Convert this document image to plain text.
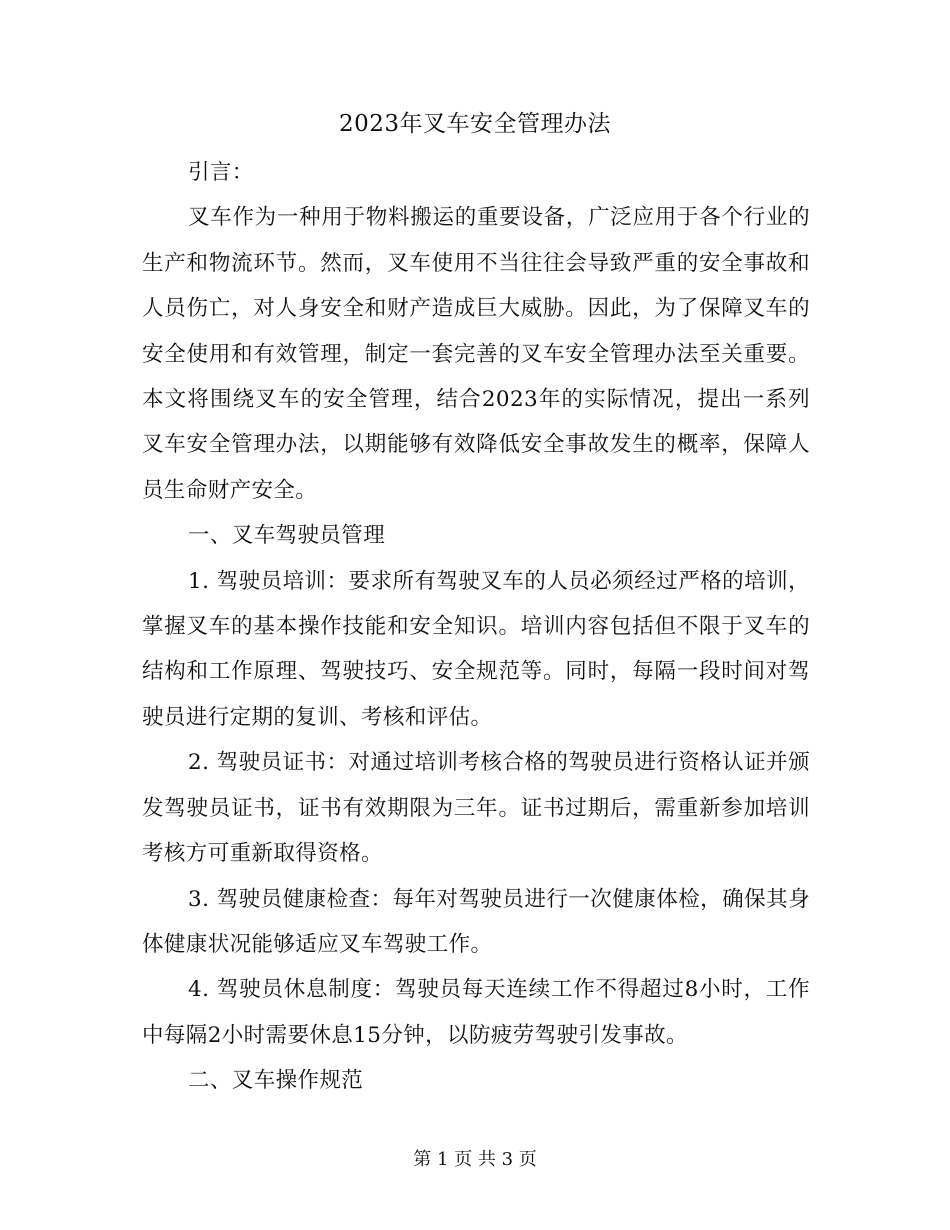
2023年叉车安全管理办法

引言：

叉车作为一种用于物料搬运的重要设备，广泛应用于各个行业的生产和物流环节。然而，叉车使用不当往往会导致严重的安全事故和人员伤亡，对人身安全和财产造成巨大威胁。因此，为了保障叉车的安全使用和有效管理，制定一套完善的叉车安全管理办法至关重要。本文将围绕叉车的安全管理，结合2023年的实际情况，提出一系列叉车安全管理办法，以期能够有效降低安全事故发生的概率，保障人员生命财产安全。

一、叉车驾驶员管理

1. 驾驶员培训：要求所有驾驶叉车的人员必须经过严格的培训，掌握叉车的基本操作技能和安全知识。培训内容包括但不限于叉车的结构和工作原理、驾驶技巧、安全规范等。同时，每隔一段时间对驾驶员进行定期的复训、考核和评估。

2. 驾驶员证书：对通过培训考核合格的驾驶员进行资格认证并颁发驾驶员证书，证书有效期限为三年。证书过期后，需重新参加培训考核方可重新取得资格。

3. 驾驶员健康检查：每年对驾驶员进行一次健康体检，确保其身体健康状况能够适应叉车驾驶工作。

4. 驾驶员休息制度：驾驶员每天连续工作不得超过8小时，工作中每隔2小时需要休息15分钟，以防疲劳驾驶引发事故。

二、叉车操作规范

第 1 页 共 3 页
